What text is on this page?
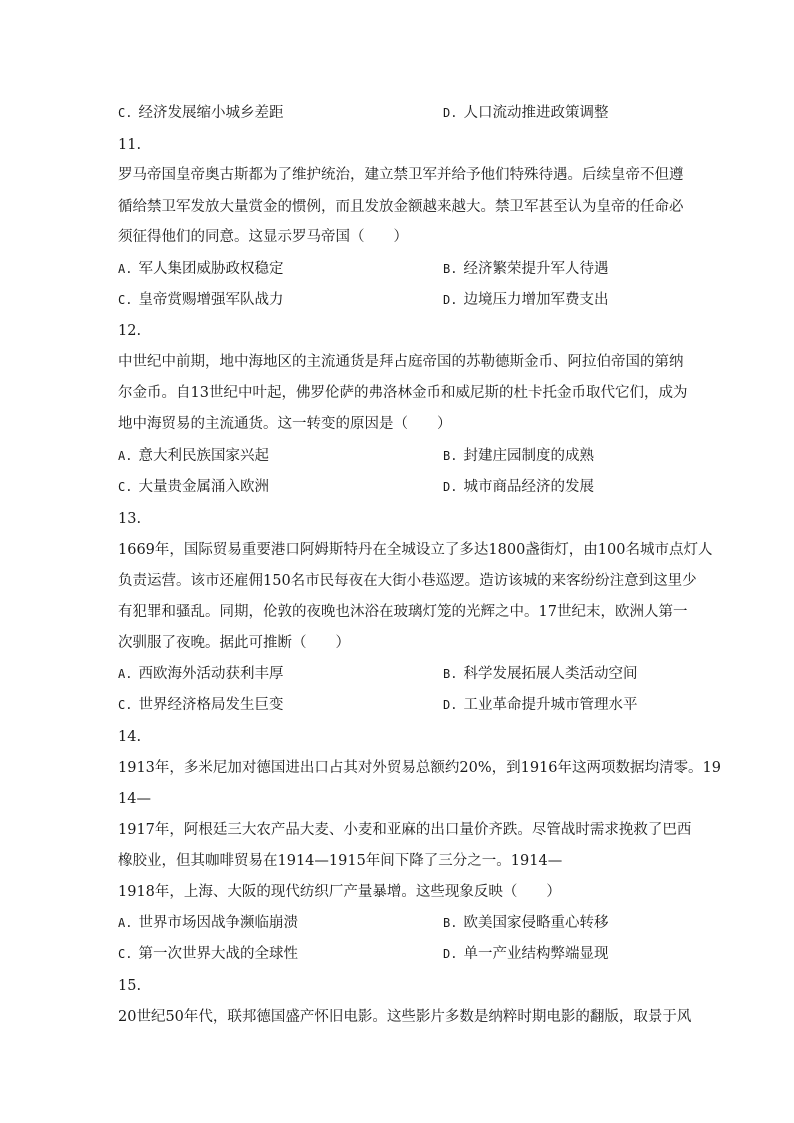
C. 经济发展缩小城乡差距	D. 人口流动推进政策调整
11.
罗马帝国皇帝奥古斯都为了维护统治，建立禁卫军并给予他们特殊待遇。后续皇帝不但遵
循给禁卫军发放大量赏金的惯例，而且发放金额越来越大。禁卫军甚至认为皇帝的任命必
须征得他们的同意。这显示罗马帝国（　　）
A. 军人集团威胁政权稳定	B. 经济繁荣提升军人待遇
C. 皇帝赏赐增强军队战力	D. 边境压力增加军费支出
12.
中世纪中前期，地中海地区的主流通货是拜占庭帝国的苏勒德斯金币、阿拉伯帝国的第纳
尔金币。自13世纪中叶起，佛罗伦萨的弗洛林金币和威尼斯的杜卡托金币取代它们，成为
地中海贸易的主流通货。这一转变的原因是（　　）
A. 意大利民族国家兴起	B. 封建庄园制度的成熟
C. 大量贵金属涌入欧洲	D. 城市商品经济的发展
13.
1669年，国际贸易重要港口阿姆斯特丹在全城设立了多达1800盏街灯，由100名城市点灯人
负责运营。该市还雇佣150名市民每夜在大街小巷巡逻。造访该城的来客纷纷注意到这里少
有犯罪和骚乱。同期，伦敦的夜晚也沐浴在玻璃灯笼的光辉之中。17世纪末，欧洲人第一
次驯服了夜晚。据此可推断（　　）
A. 西欧海外活动获利丰厚	B. 科学发展拓展人类活动空间
C. 世界经济格局发生巨变	D. 工业革命提升城市管理水平
14.
1913年，多米尼加对德国进出口占其对外贸易总额约20%，到1916年这两项数据均清零。19
14—
1917年，阿根廷三大农产品大麦、小麦和亚麻的出口量价齐跌。尽管战时需求挽救了巴西
橡胶业，但其咖啡贸易在1914—1915年间下降了三分之一。1914—
1918年，上海、大阪的现代纺织厂产量暴增。这些现象反映（　　）
A. 世界市场因战争濒临崩溃	B. 欧美国家侵略重心转移
C. 第一次世界大战的全球性	D. 单一产业结构弊端显现
15.
20世纪50年代，联邦德国盛产怀旧电影。这些影片多数是纳粹时期电影的翻版，取景于风
